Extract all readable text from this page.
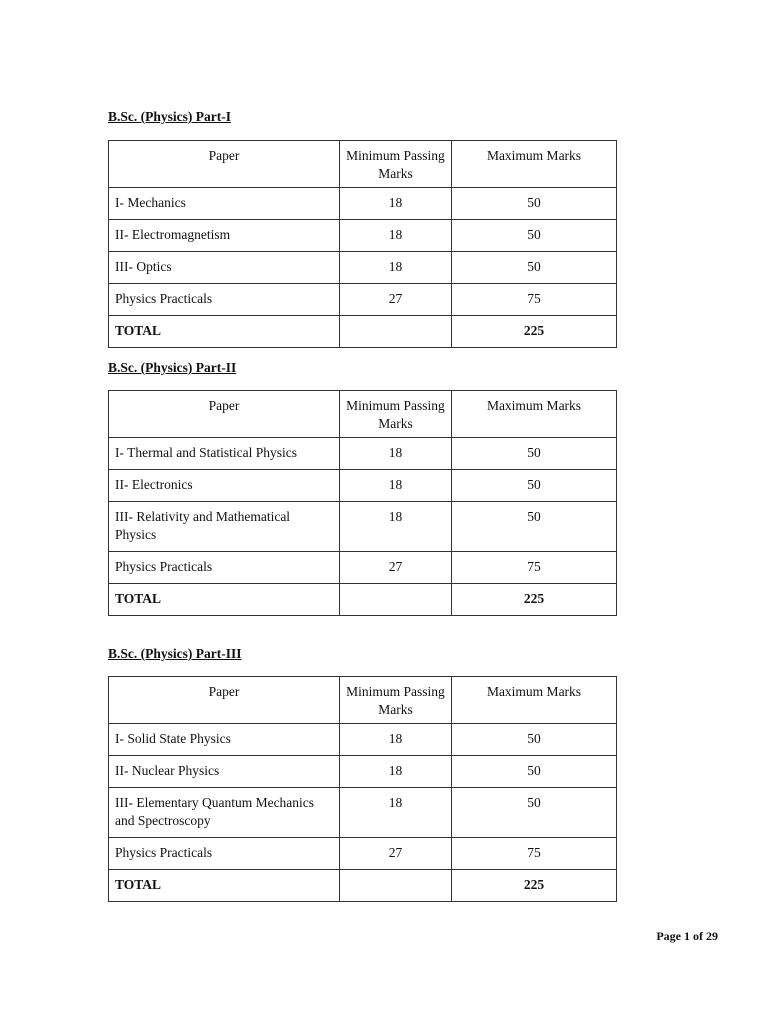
B.Sc. (Physics) Part-I
Paper	Minimum Passing Marks	Maximum Marks
I- Mechanics	18	50
II- Electromagnetism	18	50
III- Optics	18	50
Physics Practicals	27	75
TOTAL		225
B.Sc. (Physics) Part-II
Paper	Minimum Passing Marks	Maximum Marks
I- Thermal and Statistical Physics	18	50
II- Electronics	18	50
III- Relativity and Mathematical Physics	18	50
Physics Practicals	27	75
TOTAL		225
B.Sc. (Physics) Part-III
Paper	Minimum Passing Marks	Maximum Marks
I- Solid State Physics	18	50
II- Nuclear Physics	18	50
III- Elementary Quantum Mechanics and Spectroscopy	18	50
Physics Practicals	27	75
TOTAL		225
Page 1 of 29
